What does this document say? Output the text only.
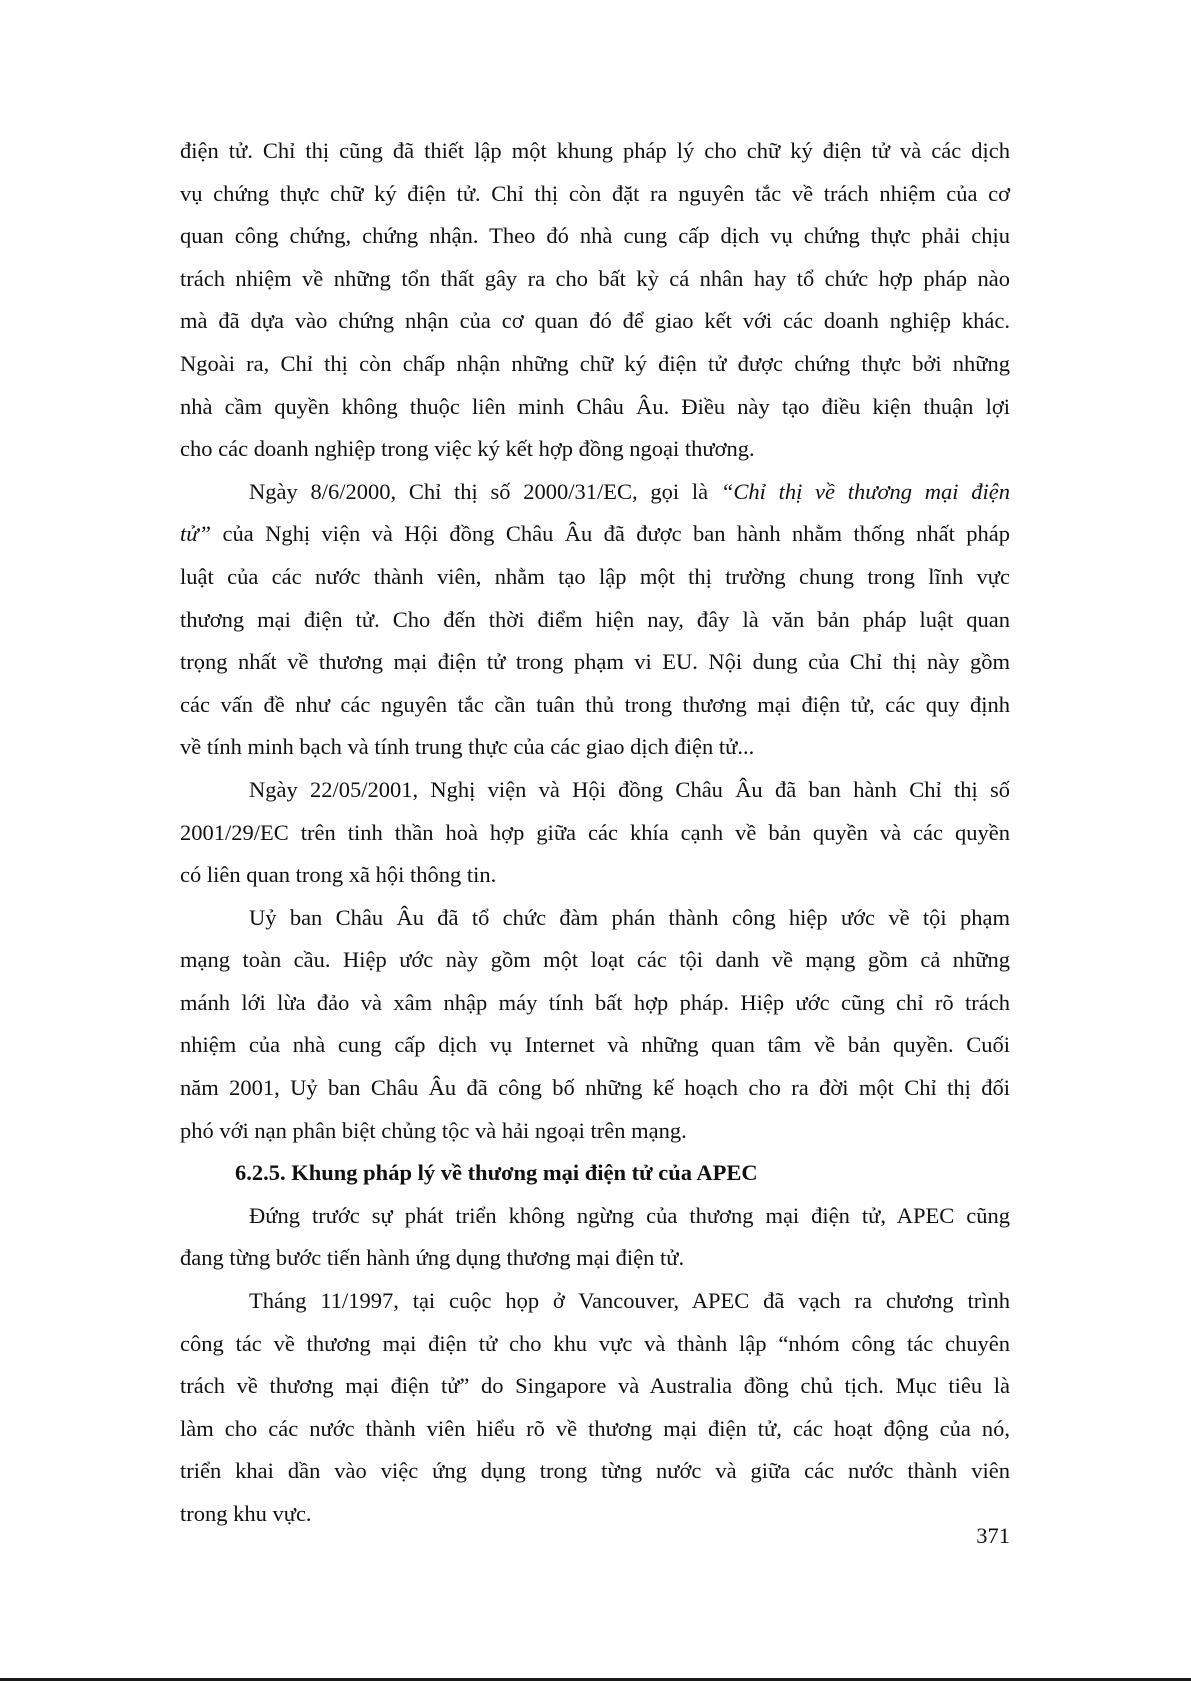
điện tử. Chỉ thị cũng đã thiết lập một khung pháp lý cho chữ ký điện tử và các dịch
vụ chứng thực chữ ký điện tử. Chỉ thị còn đặt ra nguyên tắc về trách nhiệm của cơ
quan công chứng, chứng nhận. Theo đó nhà cung cấp dịch vụ chứng thực phải chịu
trách nhiệm về những tổn thất gây ra cho bất kỳ cá nhân hay tổ chức hợp pháp nào
mà đã dựa vào chứng nhận của cơ quan đó để giao kết với các doanh nghiệp khác.
Ngoài ra, Chỉ thị còn chấp nhận những chữ ký điện tử được chứng thực bởi những
nhà cầm quyền không thuộc liên minh Châu Âu. Điều này tạo điều kiện thuận lợi
cho các doanh nghiệp trong việc ký kết hợp đồng ngoại thương.
Ngày 8/6/2000, Chỉ thị số 2000/31/EC, gọi là “Chỉ thị về thương mại điện
tử” của Nghị viện và Hội đồng Châu Âu đã được ban hành nhằm thống nhất pháp
luật của các nước thành viên, nhằm tạo lập một thị trường chung trong lĩnh vực
thương mại điện tử. Cho đến thời điểm hiện nay, đây là văn bản pháp luật quan
trọng nhất về thương mại điện tử trong phạm vi EU. Nội dung của Chỉ thị này gồm
các vấn đề như các nguyên tắc cần tuân thủ trong thương mại điện tử, các quy định
về tính minh bạch và tính trung thực của các giao dịch điện tử...
Ngày 22/05/2001, Nghị viện và Hội đồng Châu Âu đã ban hành Chỉ thị số
2001/29/EC trên tinh thần hoà hợp giữa các khía cạnh về bản quyền và các quyền
có liên quan trong xã hội thông tin.
Uỷ ban Châu Âu đã tổ chức đàm phán thành công hiệp ước về tội phạm
mạng toàn cầu. Hiệp ước này gồm một loạt các tội danh về mạng gồm cả những
mánh lới lừa đảo và xâm nhập máy tính bất hợp pháp. Hiệp ước cũng chỉ rõ trách
nhiệm của nhà cung cấp dịch vụ Internet và những quan tâm về bản quyền. Cuối
năm 2001, Uỷ ban Châu Âu đã công bố những kế hoạch cho ra đời một Chỉ thị đối
phó với nạn phân biệt chủng tộc và hải ngoại trên mạng.
6.2.5. Khung pháp lý về thương mại điện tử của APEC
Đứng trước sự phát triển không ngừng của thương mại điện tử, APEC cũng
đang từng bước tiến hành ứng dụng thương mại điện tử.
Tháng 11/1997, tại cuộc họp ở Vancouver, APEC đã vạch ra chương trình
công tác về thương mại điện tử cho khu vực và thành lập “nhóm công tác chuyên
trách về thương mại điện tử” do Singapore và Australia đồng chủ tịch. Mục tiêu là
làm cho các nước thành viên hiểu rõ về thương mại điện tử, các hoạt động của nó,
triển khai dần vào việc ứng dụng trong từng nước và giữa các nước thành viên
trong khu vực.
371
